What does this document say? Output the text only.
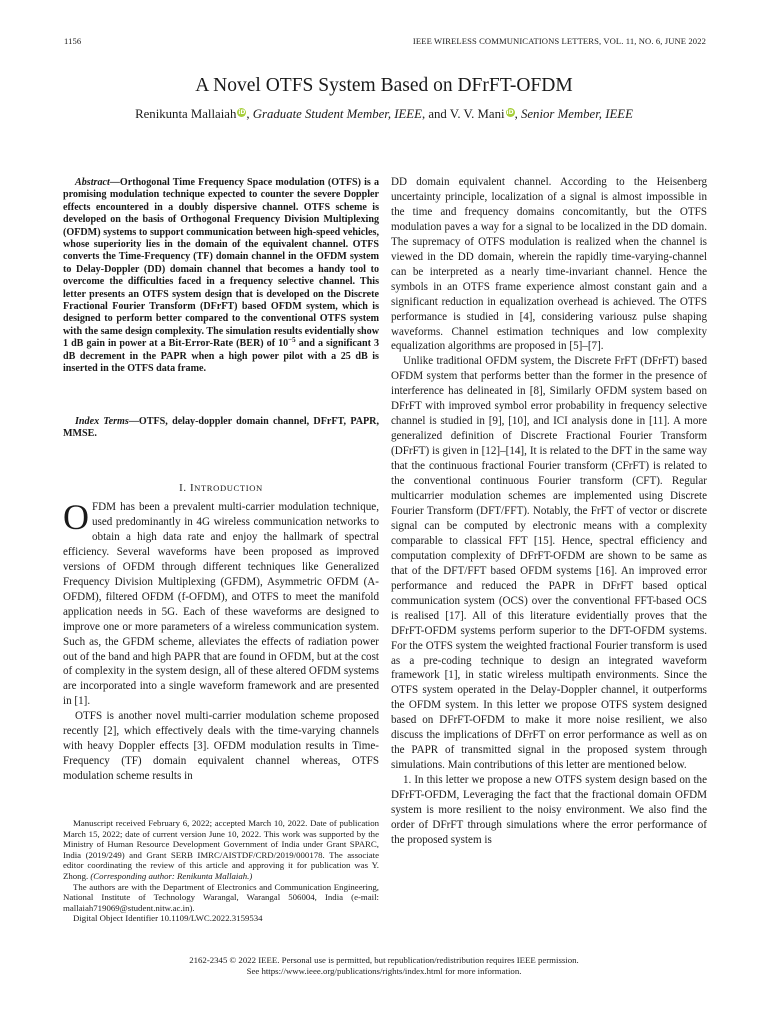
1156	IEEE WIRELESS COMMUNICATIONS LETTERS, VOL. 11, NO. 6, JUNE 2022
A Novel OTFS System Based on DFrFT-OFDM
Renikunta Mallaiah iD, Graduate Student Member, IEEE, and V. V. Mani iD, Senior Member, IEEE
Abstract—Orthogonal Time Frequency Space modulation (OTFS) is a promising modulation technique expected to counter the severe Doppler effects encountered in a doubly dispersive channel. OTFS scheme is developed on the basis of Orthogonal Frequency Division Multiplexing (OFDM) systems to support communication between high-speed vehicles, whose superiority lies in the domain of the equivalent channel. OTFS converts the Time-Frequency (TF) domain channel in the OFDM system to Delay-Doppler (DD) domain channel that becomes a handy tool to overcome the difficulties faced in a frequency selective channel. This letter presents an OTFS system design that is developed on the Discrete Fractional Fourier Transform (DFrFT) based OFDM system, which is designed to perform better compared to the conventional OTFS system with the same design complexity. The simulation results evidentially show 1 dB gain in power at a Bit-Error-Rate (BER) of $10^{-5}$ and a significant 3 dB decrement in the PAPR when a high power pilot with a 25 dB is inserted in the OTFS data frame.
Index Terms—OTFS, delay-doppler domain channel, DFrFT, PAPR, MMSE.
I. INTRODUCTION

OFDM has been a prevalent multi-carrier modulation technique, used predominantly in 4G wireless communication networks to obtain a high data rate and enjoy the hallmark of spectral efficiency. Several waveforms have been proposed as improved versions of OFDM through different techniques like Generalized Frequency Division Multiplexing (GFDM), Asymmetric OFDM (A-OFDM), filtered OFDM (f-OFDM), and OTFS to meet the manifold application needs in 5G. Each of these waveforms are designed to improve one or more parameters of a wireless communication system. Such as, the GFDM scheme, alleviates the effects of radiation power out of the band and high PAPR that are found in OFDM, but at the cost of complexity in the system design, all of these altered OFDM systems are incorporated into a single waveform framework and are presented in [1].

OTFS is another novel multi-carrier modulation scheme proposed recently [2], which effectively deals with the time-varying channels with heavy Doppler effects [3]. OFDM modulation results in Time-Frequency (TF) domain equivalent channel whereas, OTFS modulation scheme results in

Manuscript received February 6, 2022; accepted March 10, 2022. Date of publication March 15, 2022; date of current version June 10, 2022. This work was supported by the Ministry of Human Resource Development Government of India under Grant SPARC, India (2019/249) and Grant SERB IMRC/AISTDF/CRD/2019/000178. The associate editor coordinating the review of this article and approving it for publication was Y. Zhong. (Corresponding author: Renikunta Mallaiah.)

The authors are with the Department of Electronics and Communication Engineering, National Institute of Technology Warangal, Warangal 506004, India (e-mail: mallaiah719069@student.nitw.ac.in).

Digital Object Identifier 10.1109/LWC.2022.3159534

DD domain equivalent channel. According to the Heisenberg uncertainty principle, localization of a signal is almost impossible in the time and frequency domains concomitantly, but the OTFS modulation paves a way for a signal to be localized in the DD domain. The supremacy of OTFS modulation is realized when the channel is viewed in the DD domain, wherein the rapidly time-varying-channel can be interpreted as a nearly time-invariant channel. Hence the symbols in an OTFS frame experience almost constant gain and a significant reduction in equalization overhead is achieved. The OTFS performance is studied in [4], considering variousz pulse shaping waveforms. Channel estimation techniques and low complexity equalization algorithms are proposed in [5]–[7].

Unlike traditional OFDM system, the Discrete FrFT (DFrFT) based OFDM system that performs better than the former in the presence of interference has delineated in [8], Similarly OFDM system based on DFrFT with improved symbol error probability in frequency selective channel is studied in [9], [10], and ICI analysis done in [11]. A more generalized definition of Discrete Fractional Fourier Transform (DFrFT) is given in [12]–[14], It is related to the DFT in the same way that the continuous fractional Fourier transform (CFrFT) is related to the conventional continuous Fourier transform (CFT). Regular multicarrier modulation schemes are implemented using Discrete Fourier Transform (DFT/FFT). Notably, the FrFT of vector or discrete signal can be computed by electronic means with a complexity comparable to classical FFT [15]. Hence, spectral efficiency and computation complexity of DFrFT-OFDM are shown to be same as that of the DFT/FFT based OFDM systems [16]. An improved error performance and reduced the PAPR in DFrFT based optical communication system (OCS) over the conventional FFT-based OCS is realised [17]. All of this literature evidentially proves that the DFrFT-OFDM systems perform superior to the DFT-OFDM systems. For the OTFS system the weighted fractional Fourier transform is used as a pre-coding technique to design an integrated waveform framework [1], in static wireless multipath environments. Since the OTFS system operated in the Delay-Doppler channel, it outperforms the OFDM system. In this letter we propose OTFS system designed based on DFrFT-OFDM to make it more noise resilient, we also discuss the implications of DFrFT on error performance as well as on the PAPR of transmitted signal in the proposed system through simulations. Main contributions of this letter are mentioned below.

1. In this letter we propose a new OTFS system design based on the DFrFT-OFDM, Leveraging the fact that the fractional domain OFDM system is more resilient to the noisy environment. We also find the order of DFrFT through simulations where the error performance of the proposed system is

2162-2345 © 2022 IEEE. Personal use is permitted, but republication/redistribution requires IEEE permission.
See https://www.ieee.org/publications/rights/index.html for more information.
